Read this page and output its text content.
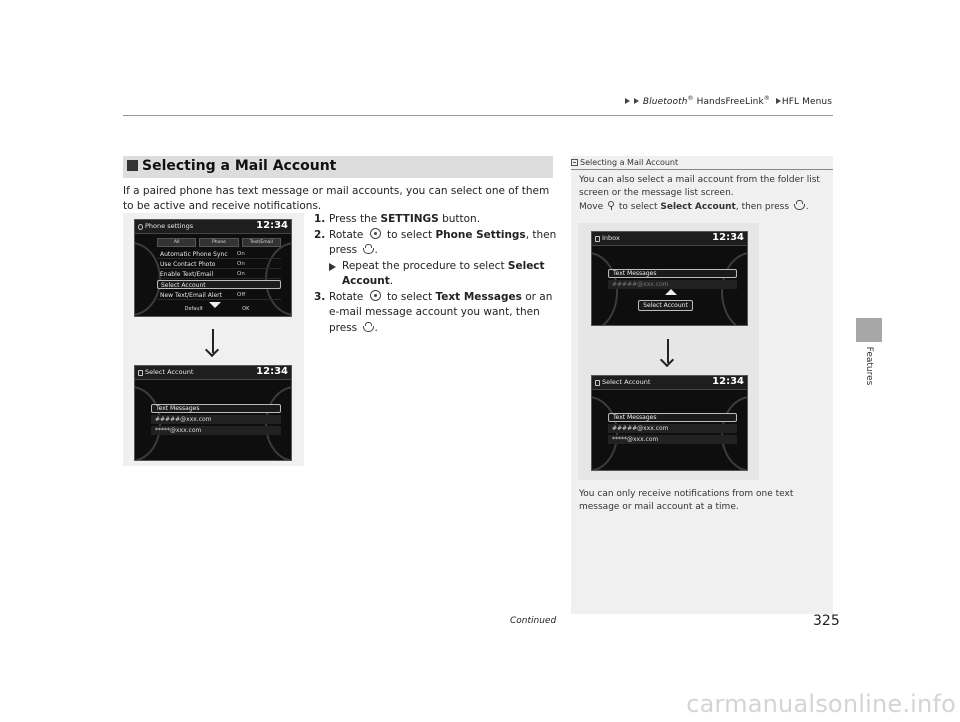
Bluetooth® HandsFreeLink® HFL Menus
Features
Selecting a Mail Account

If a paired phone has text message or mail accounts, you can select one of them to be active and receive notifications.

1. Press the SETTINGS button.
2. Rotate  to select Phone Settings, then press .
Repeat the procedure to select Select Account.
3. Rotate  to select Text Messages or an e-mail message account you want, then press .
Phone settings	12:34
All	Phone	Text/Email
Automatic Phone Sync On
Use Contact Photo	On
Enable Text/Email	On
Select Account
New Text/Email Alert	Off
Default	OK
Select Account	12:34
Text Messages
#####@xxx.com
*****@xxx.com
Selecting a Mail Account

You can also select a mail account from the folder list screen or the message list screen.

Move  to select Select Account, then press .

Inbox	12:34
Text Messages
#####@xxx.com
Select Account
Select Account	12:34
Text Messages
#####@xxx.com
*****@xxx.com

You can only receive notifications from one text message or mail account at a time.

Continued	325
carmanualsonline.info
